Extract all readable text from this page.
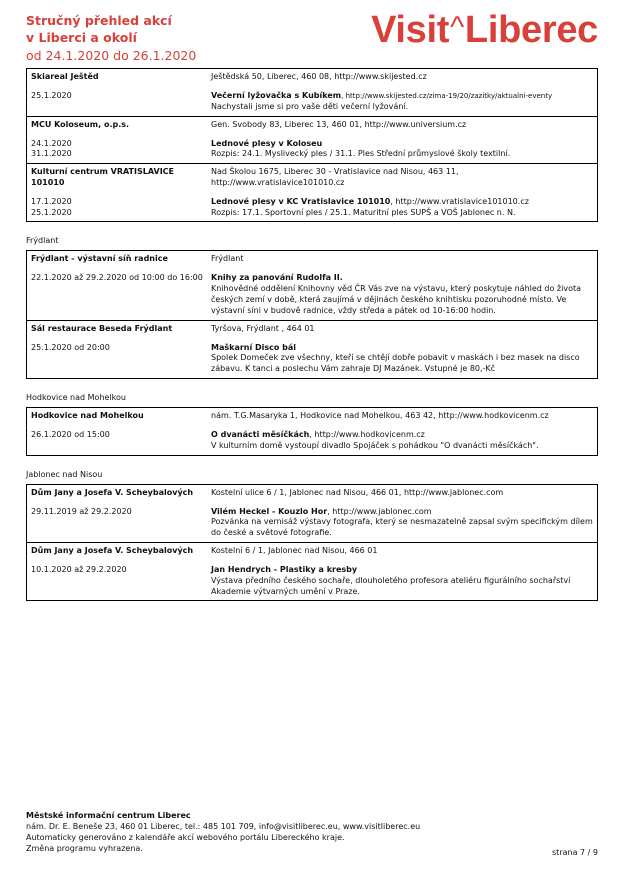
Stručný přehled akcí
v Liberci a okolí
od 24.1.2020 do 26.1.2020
Visit^Liberec
Skiareal Ještěd
25.1.2020
Ještědská 50, Liberec, 460 08, http://www.skijested.cz
Večerní lyžovačka s Kubíkem, http://www.skijested.cz/zima-19/20/zazitky/aktualni-eventy
Nachystali jsme si pro vaše děti večerní lyžování.
MCU Koloseum, o.p.s.
24.1.2020
31.1.2020
Gen. Svobody 83, Liberec 13, 460 01, http://www.universium.cz
Lednové plesy v Koloseu
Rozpis: 24.1. Myslivecký ples / 31.1. Ples Střední průmyslové školy textilní.
Kulturní centrum VRATISLAVICE 101010
17.1.2020
25.1.2020
Nad Školou 1675, Liberec 30 - Vratislavice nad Nisou, 463 11, http://www.vratislavice101010.cz
Lednové plesy v KC Vratislavice 101010, http://www.vratislavice101010.cz
Rozpis: 17.1. Sportovní ples / 25.1. Maturitní ples SUPŠ a VOŠ Jablonec n. N.
Frýdlant
Frýdlant - výstavní síň radnice
22.1.2020 až 29.2.2020 od 10:00 do 16:00
Frýdlant
Knihy za panování Rudolfa II.
Knihovědné oddělení Knihovny věd ČR Vás zve na výstavu, který poskytuje náhled do života českých zemí v době, která zaujímá v dějinách českého knihtisku pozoruhodné místo. Ve výstavní síni v budově radnice, vždy středa a pátek od 10-16:00 hodin.
Sál restaurace Beseda Frýdlant
25.1.2020 od 20:00
Tyršova, Frýdlant , 464 01
Maškarní Disco bál
Spolek Domeček zve všechny, kteří se chtějí dobře pobavit v maskách i bez masek na disco zábavu. K tanci a poslechu Vám zahraje DJ Mazánek. Vstupné je 80,-Kč
Hodkovice nad Mohelkou
Hodkovice nad Mohelkou
26.1.2020 od 15:00
nám. T.G.Masaryka 1, Hodkovice nad Mohelkou, 463 42, http://www.hodkovicenm.cz
O dvanácti měsíčkách, http://www.hodkovicenm.cz
V kulturním domě vystoupí divadlo Spojáček s pohádkou "O dvanácti měsíčkách".
Jablonec nad Nisou
Dům Jany a Josefa V. Scheybalových
29.11.2019 až 29.2.2020
Kostelní ulice 6 / 1, Jablonec nad Nisou, 466 01, http://www.jablonec.com
Vilém Heckel - Kouzlo Hor, http://www.jablonec.com
Pozvánka na vernisáž výstavy fotografa, který se nesmazatelně zapsal svým specifickým dílem do české a světové fotografie.
Dům Jany a Josefa V. Scheybalových
10.1.2020 až 29.2.2020
Kostelní 6 / 1, Jablonec nad Nisou, 466 01
Jan Hendrych - Plastiky a kresby
Výstava předního českého sochaře, dlouholetého profesora ateliéru figurálního sochařství Akademie výtvarných umění v Praze.
Městské informační centrum Liberec
nám. Dr. E. Beneše 23, 460 01 Liberec, tel.: 485 101 709, info@visitliberec.eu, www.visitliberec.eu
Automaticky generováno z kalendáře akcí webového portálu Libereckého kraje.
Změna programu vyhrazena.	strana 7 / 9
